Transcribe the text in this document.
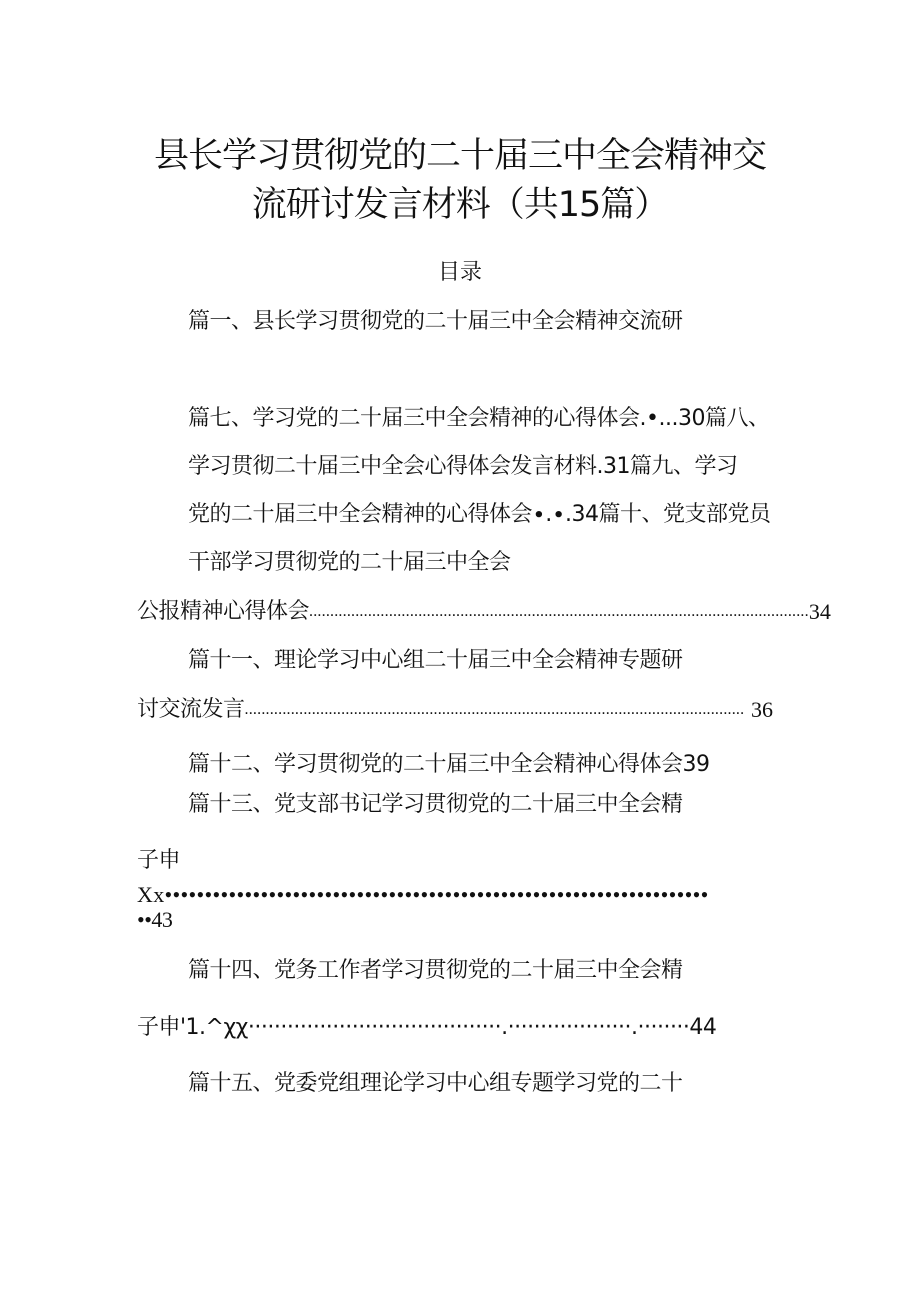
县长学习贯彻党的二十届三中全会精神交
流研讨发言材料（共15篇）
目录
篇一、县长学习贯彻党的二十届三中全会精神交流研
篇七、学习党的二十届三中全会精神的心得体会.•...30篇八、
学习贯彻二十届三中全会心得体会发言材料.31篇九、学习
党的二十届三中全会精神的心得体会∙.∙.34篇十、党支部党员
干部学习贯彻党的二十届三中全会
公报精神心得体会 ....................................................................................................................... 34
篇十一、理论学习中心组二十届三中全会精神专题研
讨交流发言 ....................................................................................................................... 36
篇十二、学习贯彻党的二十届三中全会精神心得体会39
篇十三、党支部书记学习贯彻党的二十届三中全会精
子申
Xx••••••••••••••••••••••••••••••••••••••••••••••••••••••••••••••••••••
••43
篇十四、党务工作者学习贯彻党的二十届三中全会精
子申'1.^χχ·······································.···················.········44
篇十五、党委党组理论学习中心组专题学习党的二十
